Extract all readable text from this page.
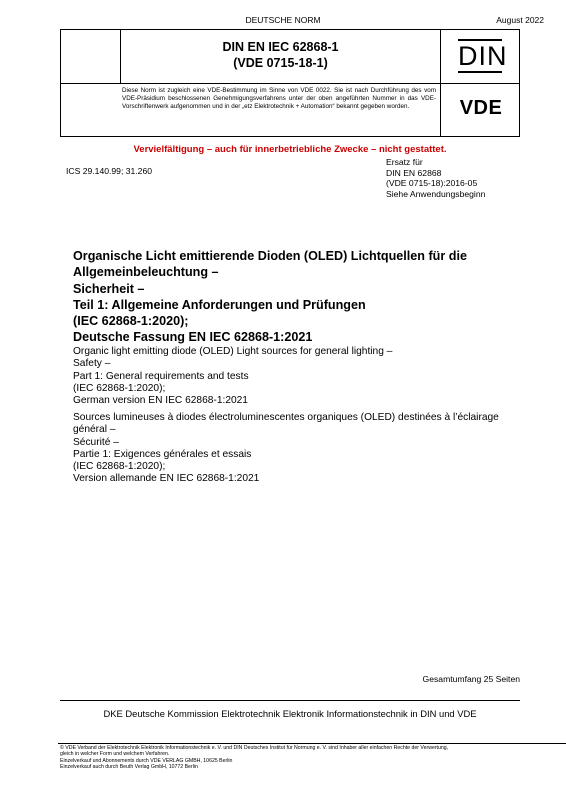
DEUTSCHE NORM	August 2022
DIN EN IEC 62868-1
(VDE 0715-18-1)	DIN
Diese Norm ist zugleich eine VDE-Bestimmung im Sinne von VDE 0022. Sie ist nach Durchführung des vom VDE-Präsidium beschlossenen Genehmigungsverfahrens unter der oben angeführten Nummer in das VDE-Vorschriftenwerk aufgenommen und in der „etz Elektrotechnik + Automation“ bekannt gegeben worden.	VDE
Vervielfältigung – auch für innerbetriebliche Zwecke – nicht gestattet.
ICS 29.140.99; 31.260
Ersatz für
DIN EN 62868
(VDE 0715-18):2016-05
Siehe Anwendungsbeginn
Organische Licht emittierende Dioden (OLED) Lichtquellen für die
Allgemeinbeleuchtung –
Sicherheit –
Teil 1: Allgemeine Anforderungen und Prüfungen
(IEC 62868-1:2020);
Deutsche Fassung EN IEC 62868-1:2021
Organic light emitting diode (OLED) Light sources for general lighting –
Safety –
Part 1: General requirements and tests
(IEC 62868-1:2020);
German version EN IEC 62868-1:2021
Sources lumineuses à diodes électroluminescentes organiques (OLED) destinées à l’éclairage
général –
Sécurité –
Partie 1: Exigences générales et essais
(IEC 62868-1:2020);
Version allemande EN IEC 62868-1:2021
Gesamtumfang 25 Seiten
DKE Deutsche Kommission Elektrotechnik Elektronik Informationstechnik in DIN und VDE
© VDE Verband der Elektrotechnik Elektronik Informationstechnik e. V. und DIN Deutsches Institut für Normung e. V. sind Inhaber aller einfachen Rechte der Verwertung,
gleich in welcher Form und welchem Verfahren.
Einzelverkauf und Abonnements durch VDE VERLAG GMBH, 10625 Berlin
Einzelverkauf auch durch Beuth Verlag GmbH, 10772 Berlin
